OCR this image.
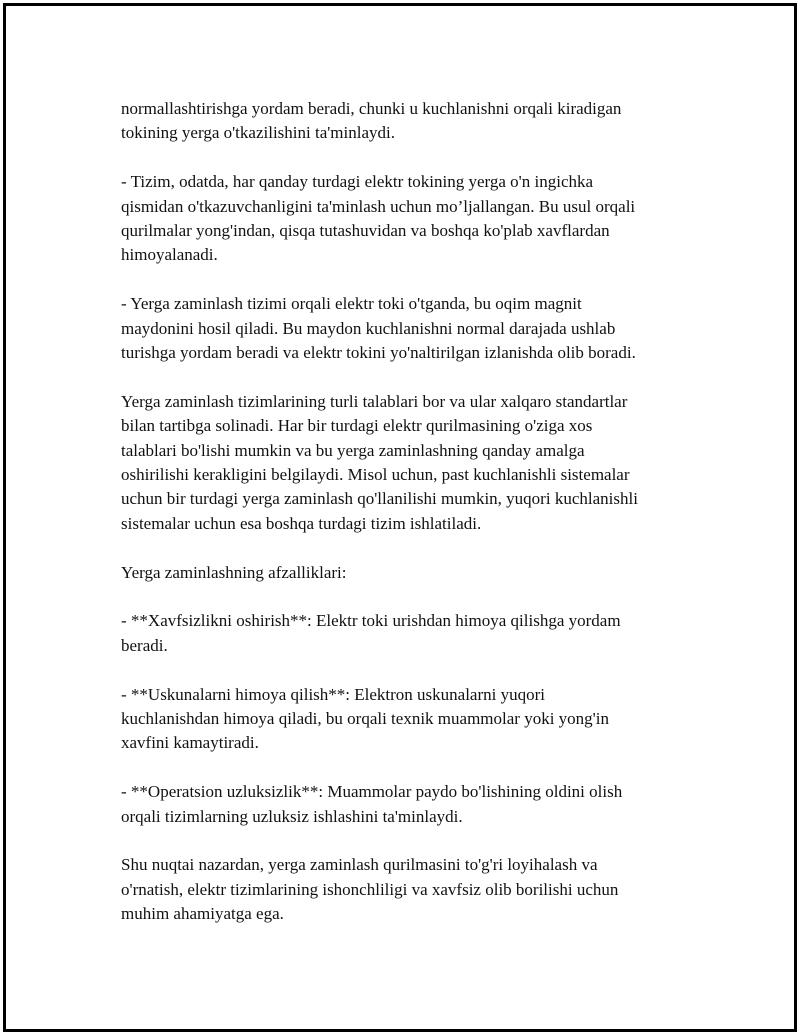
normallashtirishga yordam beradi, chunki u kuchlanishni orqali kiradigan
tokining yerga o'tkazilishini ta'minlaydi.

- Tizim, odatda, har qanday turdagi elektr tokining yerga o'n ingichka
qismidan o'tkazuvchanligini ta'minlash uchun mo’ljallangan. Bu usul orqali
qurilmalar yong'indan, qisqa tutashuvidan va boshqa ko'plab xavflardan
himoyalanadi.

- Yerga zaminlash tizimi orqali elektr toki o'tganda, bu oqim magnit
maydonini hosil qiladi. Bu maydon kuchlanishni normal darajada ushlab
turishga yordam beradi va elektr tokini yo'naltirilgan izlanishda olib boradi.

Yerga zaminlash tizimlarining turli talablari bor va ular xalqaro standartlar
bilan tartibga solinadi. Har bir turdagi elektr qurilmasining o'ziga xos
talablari bo'lishi mumkin va bu yerga zaminlashning qanday amalga
oshirilishi kerakligini belgilaydi. Misol uchun, past kuchlanishli sistemalar
uchun bir turdagi yerga zaminlash qo'llanilishi mumkin, yuqori kuchlanishli
sistemalar uchun esa boshqa turdagi tizim ishlatiladi.

Yerga zaminlashning afzalliklari:

- **Xavfsizlikni oshirish**: Elektr toki urishdan himoya qilishga yordam
beradi.

- **Uskunalarni himoya qilish**: Elektron uskunalarni yuqori
kuchlanishdan himoya qiladi, bu orqali texnik muammolar yoki yong'in
xavfini kamaytiradi.

- **Operatsion uzluksizlik**: Muammolar paydo bo'lishining oldini olish
orqali tizimlarning uzluksiz ishlashini ta'minlaydi.

Shu nuqtai nazardan, yerga zaminlash qurilmasini to'g'ri loyihalash va
o'rnatish, elektr tizimlarining ishonchliligi va xavfsiz olib borilishi uchun
muhim ahamiyatga ega.
